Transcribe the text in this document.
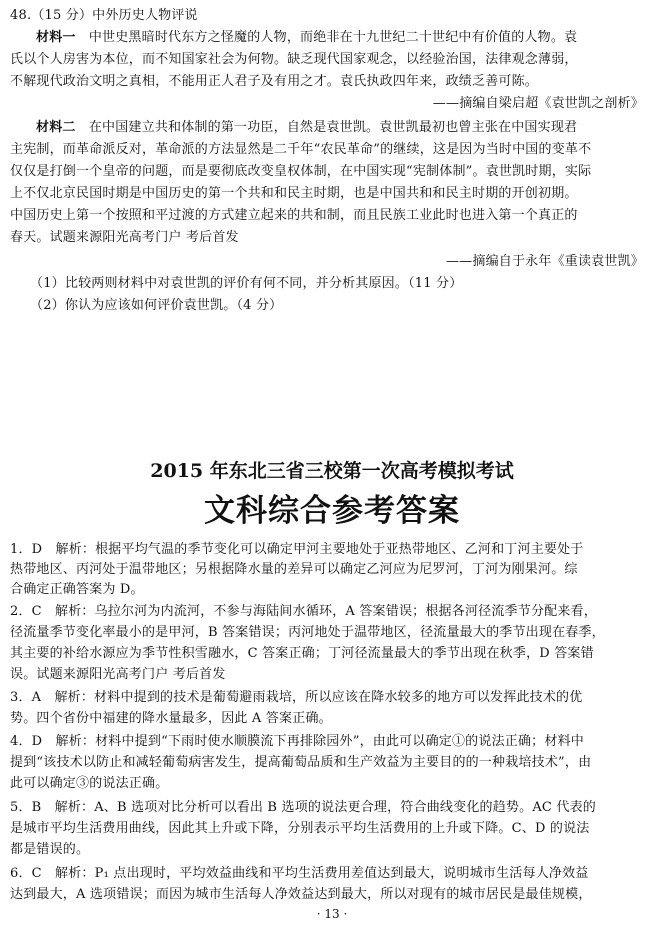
48.（15 分）中外历史人物评说
材料一　 中世史黑暗时代东方之怪魔的人物，而绝非在十九世纪二十世纪中有价值的人物。袁
氏以个人房害为本位，而不知国家社会为何物。缺乏现代国家观念，以经验治国，法律观念薄弱，
不解现代政治文明之真相，不能用正人君子及有用之才。袁氏执政四年来，政绩乏善可陈。
——摘编自梁启超《袁世凯之剖析》
材料二　 在中国建立共和体制的第一功臣，自然是袁世凯。袁世凯最初也曾主张在中国实现君
主宪制，而革命派反对，革命派的方法显然是二千年“农民革命”的继续，这是因为当时中国的变革不
仅仅是打倒一个皇帝的问题，而是要彻底改变皇权体制，在中国实现“宪制体制”。袁世凯时期，实际
上不仅北京民国时期是中国历史的第一个共和和民主时期，也是中国共和和民主时期的开创初期。
中国历史上第一个按照和平过渡的方式建立起来的共和制，而且民族工业此时也进入第一个真正的
春天。试题来源阳光高考门户 考后首发
——摘编自于永年《重读袁世凯》
（1）比较两则材料中对袁世凯的评价有何不同，并分析其原因。（11 分）
（2）你认为应该如何评价袁世凯。（4 分）
2015 年东北三省三校第一次高考模拟考试
文科综合参考答案
1．D　解析：根据平均气温的季节变化可以确定甲河主要地处于亚热带地区、乙河和丁河主要处于
热带地区、丙河处于温带地区；另根据降水量的差异可以确定乙河应为尼罗河，丁河为刚果河。综
合确定正确答案为 D。
2．C　解析：乌拉尔河为内流河，不参与海陆间水循环，A 答案错误；根据各河径流季节分配来看，
径流量季节变化率最小的是甲河，B 答案错误；丙河地处于温带地区，径流量最大的季节出现在春季，
其主要的补给水源应为季节性积雪融水，C 答案正确；丁河径流量最大的季节出现在秋季，D 答案错
误。试题来源阳光高考门户 考后首发
3．A　解析：材料中提到的技术是葡萄避雨栽培，所以应该在降水较多的地方可以发挥此技术的优
势。四个省份中福建的降水量最多，因此 A 答案正确。
4．D　解析：材料中提到“下雨时使水顺膜流下再排除园外”，由此可以确定①的说法正确；材料中
提到“该技术以防止和减轻葡萄病害发生，提高葡萄品质和生产效益为主要目的的一种栽培技术”，由
此可以确定③的说法正确。
5．B　解析：A、B 选项对比分析可以看出 B 选项的说法更合理，符合曲线变化的趋势。AC 代表的
是城市平均生活费用曲线，因此其上升或下降，分别表示平均生活费用的上升或下降。C、D 的说法
都是错误的。
6．C　解析：P₁ 点出现时，平均效益曲线和平均生活费用差值达到最大，说明城市生活每人净效益
达到最大，A 选项错误；而因为城市生活每人净效益达到最大，所以对现有的城市居民是最佳规模，
· 13 ·
